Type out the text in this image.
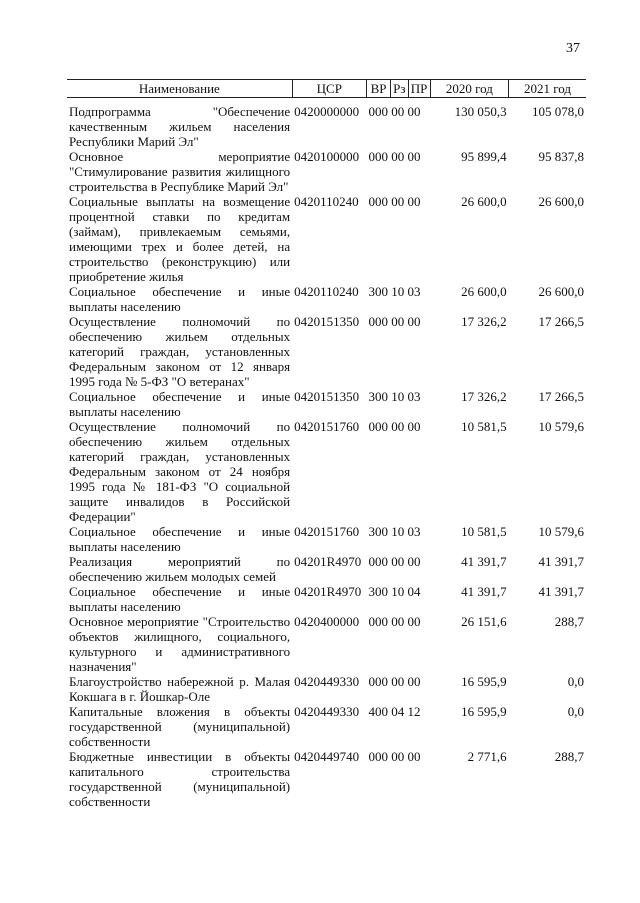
37
Наименование	ЦСР	ВР	Рз	ПР	2020 год	2021 год

Подпрограмма "Обеспечение качественным жильем населения Республики Марий Эл"	0420000000	000 00 00			130 050,3	105 078,0
Основное мероприятие "Стимулирование развития жилищного строительства в Республике Марий Эл"	0420100000	000 00 00			95 899,4	95 837,8
Социальные выплаты на возмещение процентной ставки по кредитам (займам), привлекаемым семьями, имеющими трех и более детей, на строительство (реконструкцию) или приобретение жилья	0420110240	000 00 00			26 600,0	26 600,0
Социальное обеспечение и иные выплаты населению	0420110240	300 10 03			26 600,0	26 600,0
Осуществление полномочий по обеспечению жильем отдельных категорий граждан, установленных Федеральным законом от 12 января 1995 года № 5-ФЗ "О ветеранах"	0420151350	000 00 00			17 326,2	17 266,5
Социальное обеспечение и иные выплаты населению	0420151350	300 10 03			17 326,2	17 266,5
Осуществление полномочий по обеспечению жильем отдельных категорий граждан, установленных Федеральным законом от 24 ноября 1995 года № 181-ФЗ "О социальной защите инвалидов в Российской Федерации"	0420151760	000 00 00			10 581,5	10 579,6
Социальное обеспечение и иные выплаты населению	0420151760	300 10 03			10 581,5	10 579,6
Реализация мероприятий по обеспечению жильем молодых семей	04201R4970	000 00 00			41 391,7	41 391,7
Социальное обеспечение и иные выплаты населению	04201R4970	300 10 04			41 391,7	41 391,7
Основное мероприятие "Строительство объектов жилищного, социального, культурного и административного назначения"	0420400000	000 00 00			26 151,6	288,7
Благоустройство набережной р. Малая Кокшага в г. Йошкар-Оле	0420449330	000 00 00			16 595,9	0,0
Капитальные вложения в объекты государственной (муниципальной) собственности	0420449330	400 04 12			16 595,9	0,0
Бюджетные инвестиции в объекты капитального строительства государственной (муниципальной) собственности	0420449740	000 00 00			2 771,6	288,7
